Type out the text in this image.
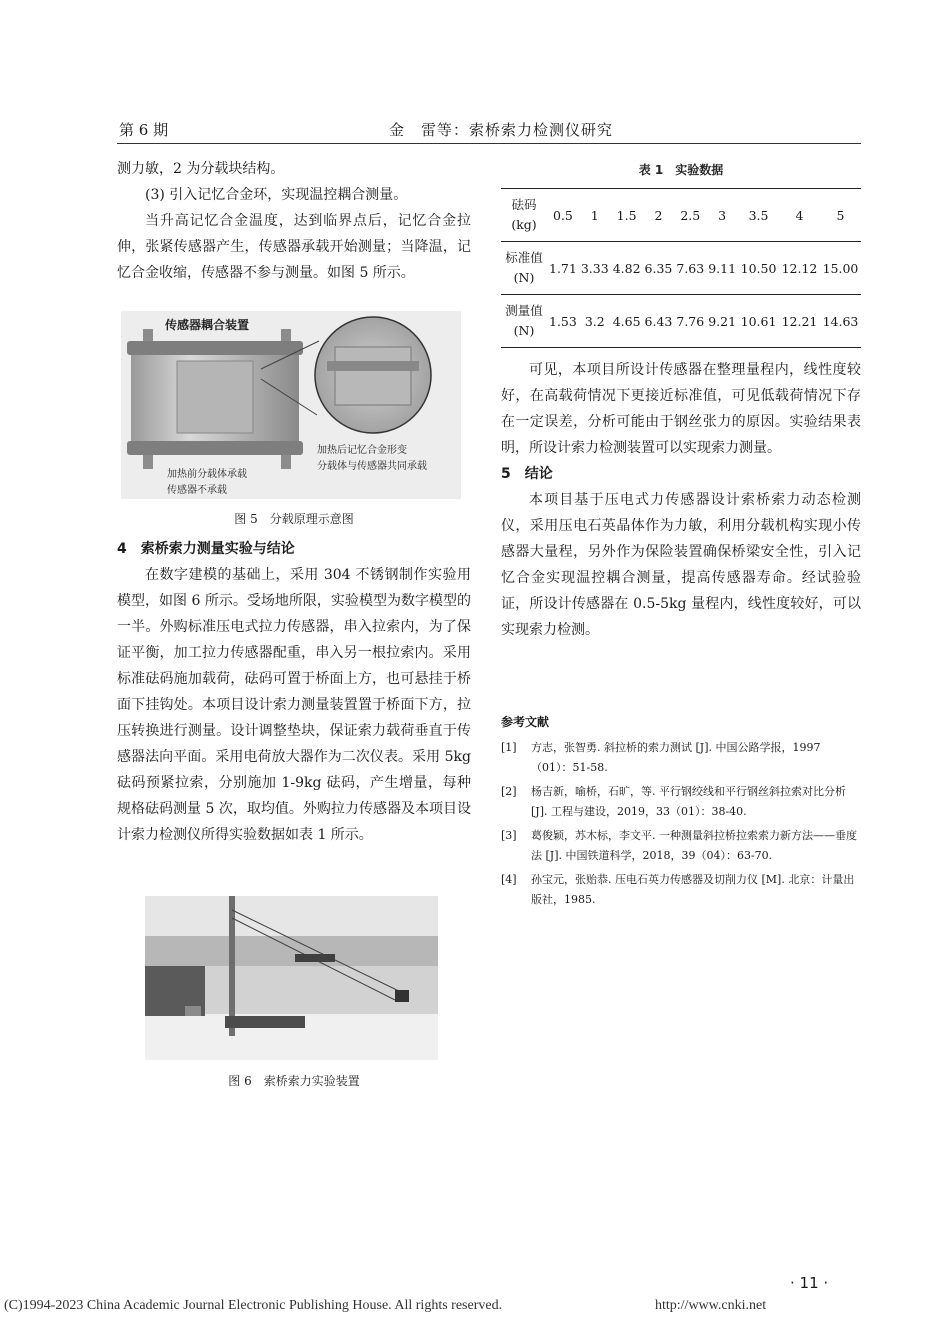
第 6 期	金　雷等：索桥索力检测仪研究

测力敏，2 为分载块结构。

(3) 引入记忆合金环，实现温控耦合测量。

当升高记忆合金温度，达到临界点后，记忆合金拉伸，张紧传感器产生，传感器承载开始测量；当降温，记忆合金收缩，传感器不参与测量。如图 5 所示。

传感器耦合装置
加热后记忆合金形变
分载体与传感器共同承载
加热前分载体承载
传感器不承载
图 5　分载原理示意图
4　索桥索力测量实验与结论

在数字建模的基础上，采用 304 不锈钢制作实验用模型，如图 6 所示。受场地所限，实验模型为数字模型的一半。外购标准压电式拉力传感器，串入拉索内，为了保证平衡，加工拉力传感器配重，串入另一根拉索内。采用标准砝码施加载荷，砝码可置于桥面上方，也可悬挂于桥面下挂钩处。本项目设计索力测量装置置于桥面下方，拉压转换进行测量。设计调整垫块，保证索力载荷垂直于传感器法向平面。采用电荷放大器作为二次仪表。采用 5kg 砝码预紧拉索，分别施加 1-9kg 砝码，产生增量，每种规格砝码测量 5 次，取均值。外购拉力传感器及本项目设计索力检测仪所得实验数据如表 1 所示。

图 6　索桥索力实验装置
表 1　实验数据
砝码
(kg)	0.5	1	1.5	2	2.5	3	3.5	4	5
标准值
(N)	1.71	3.33	4.82	6.35	7.63	9.11	10.50	12.12	15.00
测量值
(N)	1.53	3.2	4.65	6.43	7.76	9.21	10.61	12.21	14.63

可见，本项目所设计传感器在整理量程内，线性度较好，在高载荷情况下更接近标准值，可见低载荷情况下存在一定误差，分析可能由于钢丝张力的原因。实验结果表明，所设计索力检测装置可以实现索力测量。

5　结论

本项目基于压电式力传感器设计索桥索力动态检测仪，采用压电石英晶体作为力敏，利用分载机构实现小传感器大量程，另外作为保险装置确保桥梁安全性，引入记忆合金实现温控耦合测量，提高传感器寿命。经试验验证，所设计传感器在 0.5-5kg 量程内，线性度较好，可以实现索力检测。

参考文献
[1] 方志，张智勇. 斜拉桥的索力测试 [J]. 中国公路学报，1997（01）：51-58.
[2] 杨吉新，喻桥，石旷，等. 平行钢绞线和平行钢丝斜拉索对比分析 [J]. 工程与建设，2019，33（01）：38-40.
[3] 葛俊颖，苏木标，李文平. 一种测量斜拉桥拉索索力新方法——垂度法 [J]. 中国铁道科学，2018，39（04）：63-70.
[4] 孙宝元，张贻恭. 压电石英力传感器及切削力仪 [M]. 北京：计量出版社，1985.
· 11 ·
(C)1994-2023 China Academic Journal Electronic Publishing House. All rights reserved.	http://www.cnki.net
